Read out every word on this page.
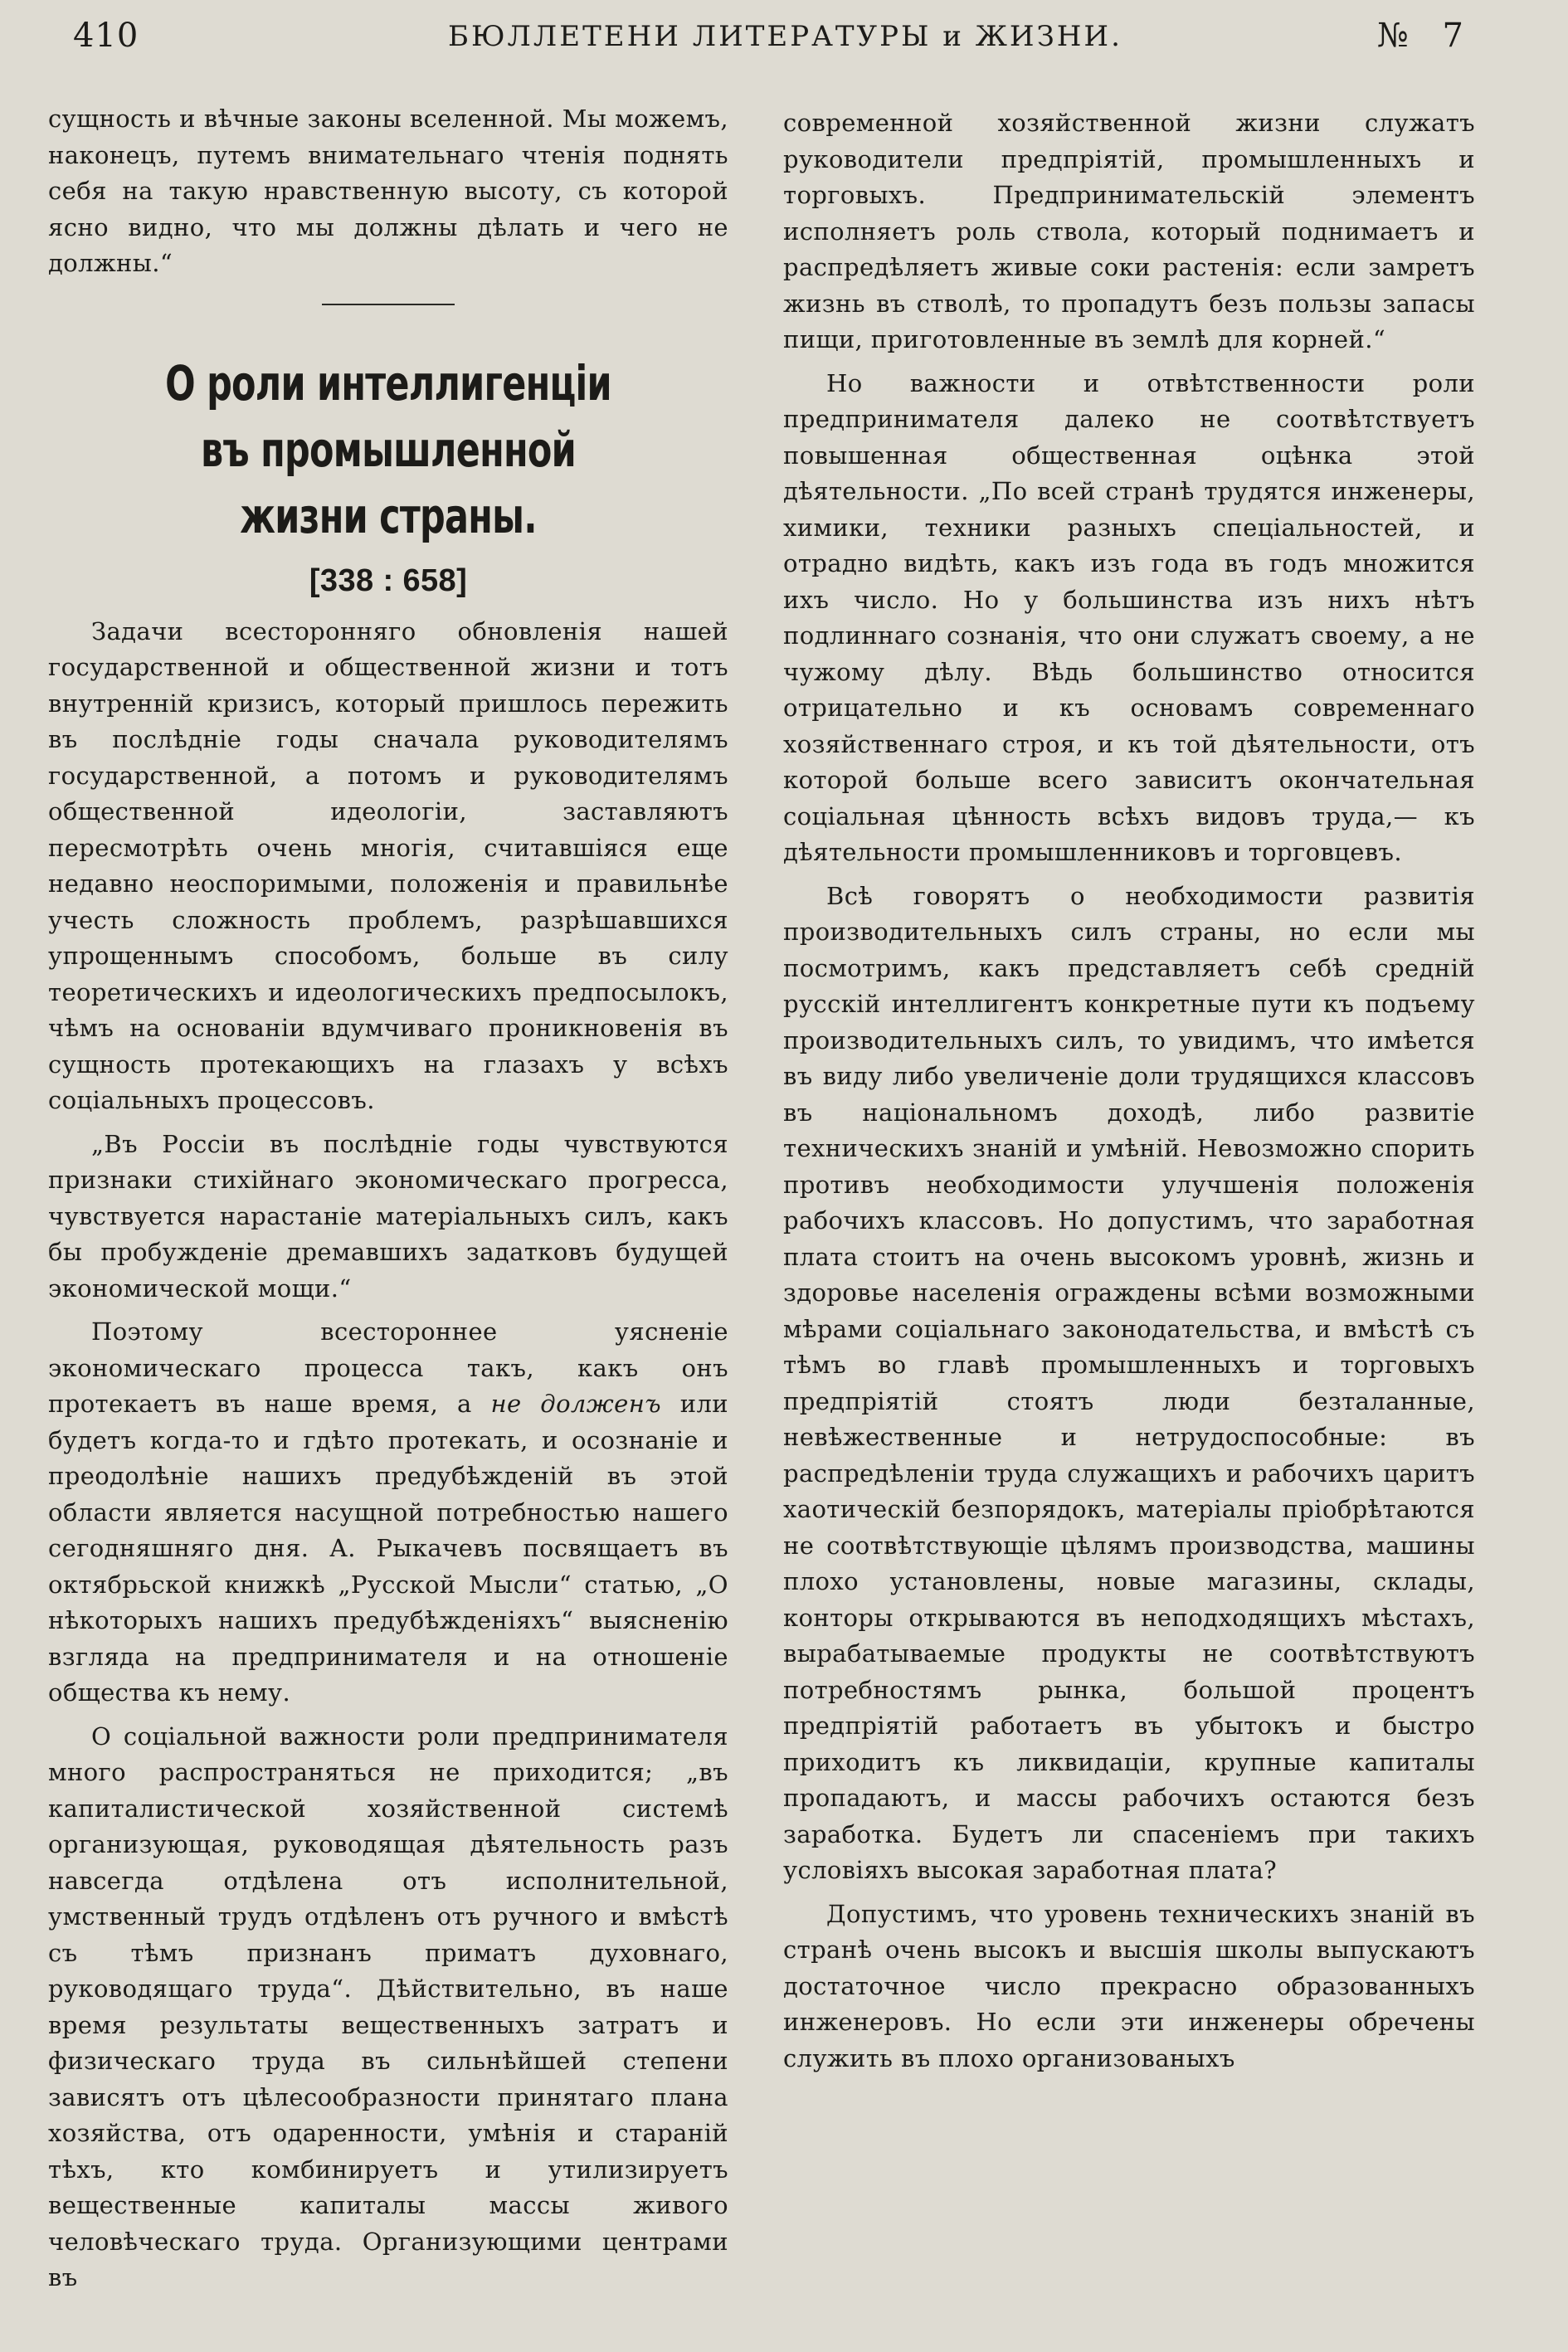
410	БЮЛЛЕТЕНИ ЛИТЕРАТУРЫ и ЖИЗНИ.	№ 7

сущность и вѣчные законы вселенной. Мы можемъ, наконецъ, путемъ внимательнаго чтенія поднять себя на такую нравственную высоту, съ которой ясно видно, что мы должны дѣлать и чего не должны.“

О роли интеллигенціи въ промышленной жизни страны.
[338 : 658]

Задачи всесторонняго обновленія нашей государственной и общественной жизни и тотъ внутренній кризисъ, который пришлось пережить въ послѣдніе годы сначала руководителямъ государственной, а потомъ и руководителямъ общественной идеологіи, заставляютъ пересмотрѣть очень многія, считавшіяся еще недавно неоспоримыми, положенія и правильнѣе учесть сложность проблемъ, разрѣшавшихся упрощеннымъ способомъ, больше въ силу теоретическихъ и идеологическихъ предпосылокъ, чѣмъ на основаніи вдумчиваго проникновенія въ сущность протекающихъ на глазахъ у всѣхъ соціальныхъ процессовъ.

„Въ Россіи въ послѣдніе годы чувствуются признаки стихійнаго экономическаго прогресса, чувствуется нарастаніе матеріальныхъ силъ, какъ бы пробужденіе дремавшихъ задатковъ будущей экономической мощи.“

Поэтому всестороннее уясненіе экономическаго процесса такъ, какъ онъ протекаетъ въ наше время, а не долженъ или будетъ когда-то и гдѣто протекать, и осознаніе и преодолѣніе нашихъ предубѣжденій въ этой области является насущной потребностью нашего сегодняшняго дня. А. Рыкачевъ посвящаетъ въ октябрьской книжкѣ „Русской Мысли“ статью, „О нѣкоторыхъ нашихъ предубѣжденіяхъ“ выясненію взгляда на предпринимателя и на отношеніе общества къ нему.

О соціальной важности роли предпринимателя много распространяться не приходится; „въ капиталистической хозяйственной системѣ организующая, руководящая дѣятельность разъ навсегда отдѣлена отъ исполнительной, умственный трудъ отдѣленъ отъ ручного и вмѣстѣ съ тѣмъ признанъ приматъ духовнаго, руководящаго труда“. Дѣйствительно, въ наше время результаты вещественныхъ затратъ и физическаго труда въ сильнѣйшей степени зависятъ отъ цѣлесообразности принятаго плана хозяйства, отъ одаренности, умѣнія и стараній тѣхъ, кто комбинируетъ и утилизируетъ вещественные капиталы массы живого человѣческаго труда. Организующими центрами въ

современной хозяйственной жизни служатъ руководители предпріятій, промышленныхъ и торговыхъ. Предпринимательскій элементъ исполняетъ роль ствола, который поднимаетъ и распредѣляетъ живые соки растенія: если замретъ жизнь въ стволѣ, то пропадутъ безъ пользы запасы пищи, приготовленные въ землѣ для корней.“

Но важности и отвѣтственности роли предпринимателя далеко не соотвѣтствуетъ повышенная общественная оцѣнка этой дѣятельности. „По всей странѣ трудятся инженеры, химики, техники разныхъ спеціальностей, и отрадно видѣть, какъ изъ года въ годъ множится ихъ число. Но у большинства изъ нихъ нѣтъ подлиннаго сознанія, что они служатъ своему, а не чужому дѣлу. Вѣдь большинство относится отрицательно и къ основамъ современнаго хозяйственнаго строя, и къ той дѣятельности, отъ которой больше всего зависитъ окончательная соціальная цѣнность всѣхъ видовъ труда,— къ дѣятельности промышленниковъ и торговцевъ.

Всѣ говорятъ о необходимости развитія производительныхъ силъ страны, но если мы посмотримъ, какъ представляетъ себѣ средній русскій интеллигентъ конкретные пути къ подъему производительныхъ силъ, то увидимъ, что имѣется въ виду либо увеличеніе доли трудящихся классовъ въ національномъ доходѣ, либо развитіе техническихъ знаній и умѣній. Невозможно спорить противъ необходимости улучшенія положенія рабочихъ классовъ. Но допустимъ, что заработная плата стоитъ на очень высокомъ уровнѣ, жизнь и здоровье населенія ограждены всѣми возможными мѣрами соціальнаго законодательства, и вмѣстѣ съ тѣмъ во главѣ промышленныхъ и торговыхъ предпріятій стоятъ люди безталанные, невѣжественные и нетрудоспособные: въ распредѣленіи труда служащихъ и рабочихъ царитъ хаотическій безпорядокъ, матеріалы пріобрѣтаются не соотвѣтствующіе цѣлямъ производства, машины плохо установлены, новые магазины, склады, конторы открываются въ неподходящихъ мѣстахъ, вырабатываемые продукты не соотвѣтствуютъ потребностямъ рынка, большой процентъ предпріятій работаетъ въ убытокъ и быстро приходитъ къ ликвидаціи, крупные капиталы пропадаютъ, и массы рабочихъ остаются безъ заработка. Будетъ ли спасеніемъ при такихъ условіяхъ высокая заработная плата?

Допустимъ, что уровень техническихъ знаній въ странѣ очень высокъ и высшія школы выпускаютъ достаточное число прекрасно образованныхъ инженеровъ. Но если эти инженеры обречены служить въ плохо организованыхъ
